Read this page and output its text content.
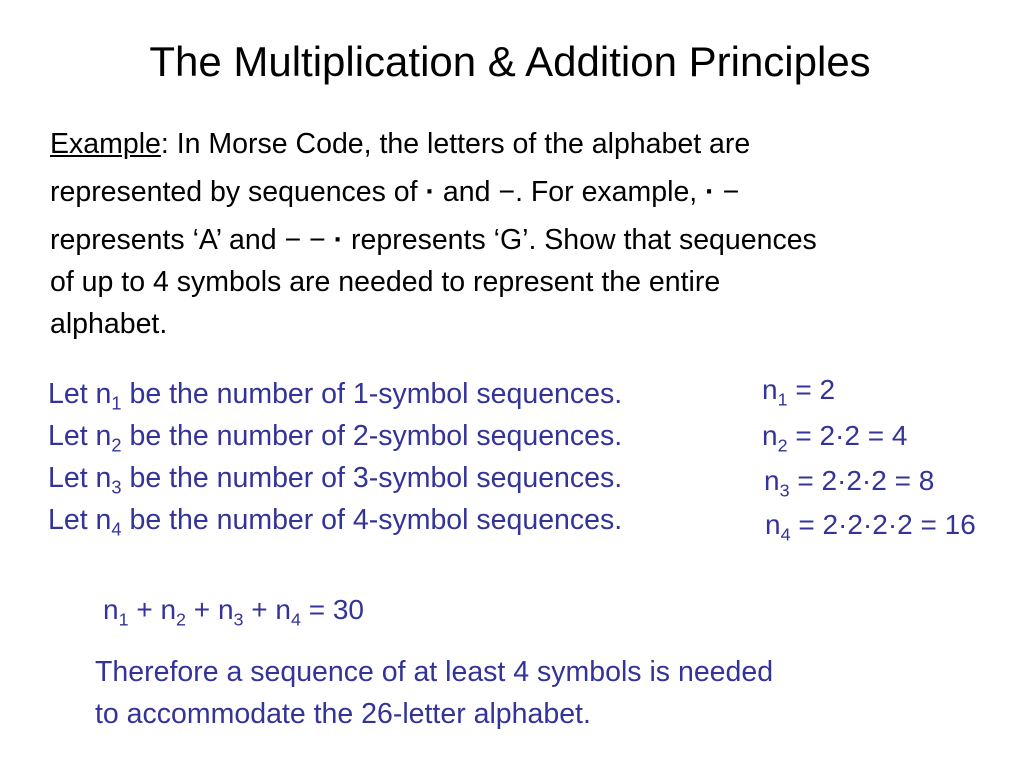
The Multiplication & Addition Principles
Example: In Morse Code, the letters of the alphabet are
represented by sequences of · and −. For example, · −
represents ‘A’ and − − · represents ‘G’. Show that sequences
of up to 4 symbols are needed to represent the entire
alphabet.
Let $n_1$ be the number of 1-symbol sequences.
Let $n_2$ be the number of 2-symbol sequences.
Let $n_3$ be the number of 3-symbol sequences.
Let $n_4$ be the number of 4-symbol sequences.
$n_1 = 2$
$n_2 = 2\cdot 2 = 4$
$n_3 = 2\cdot 2\cdot 2 = 8$
$n_4 = 2\cdot 2\cdot 2\cdot 2 = 16$
$n_1 + n_2 + n_3 + n_4 = 30$
Therefore a sequence of at least 4 symbols is needed
to accommodate the 26-letter alphabet.
